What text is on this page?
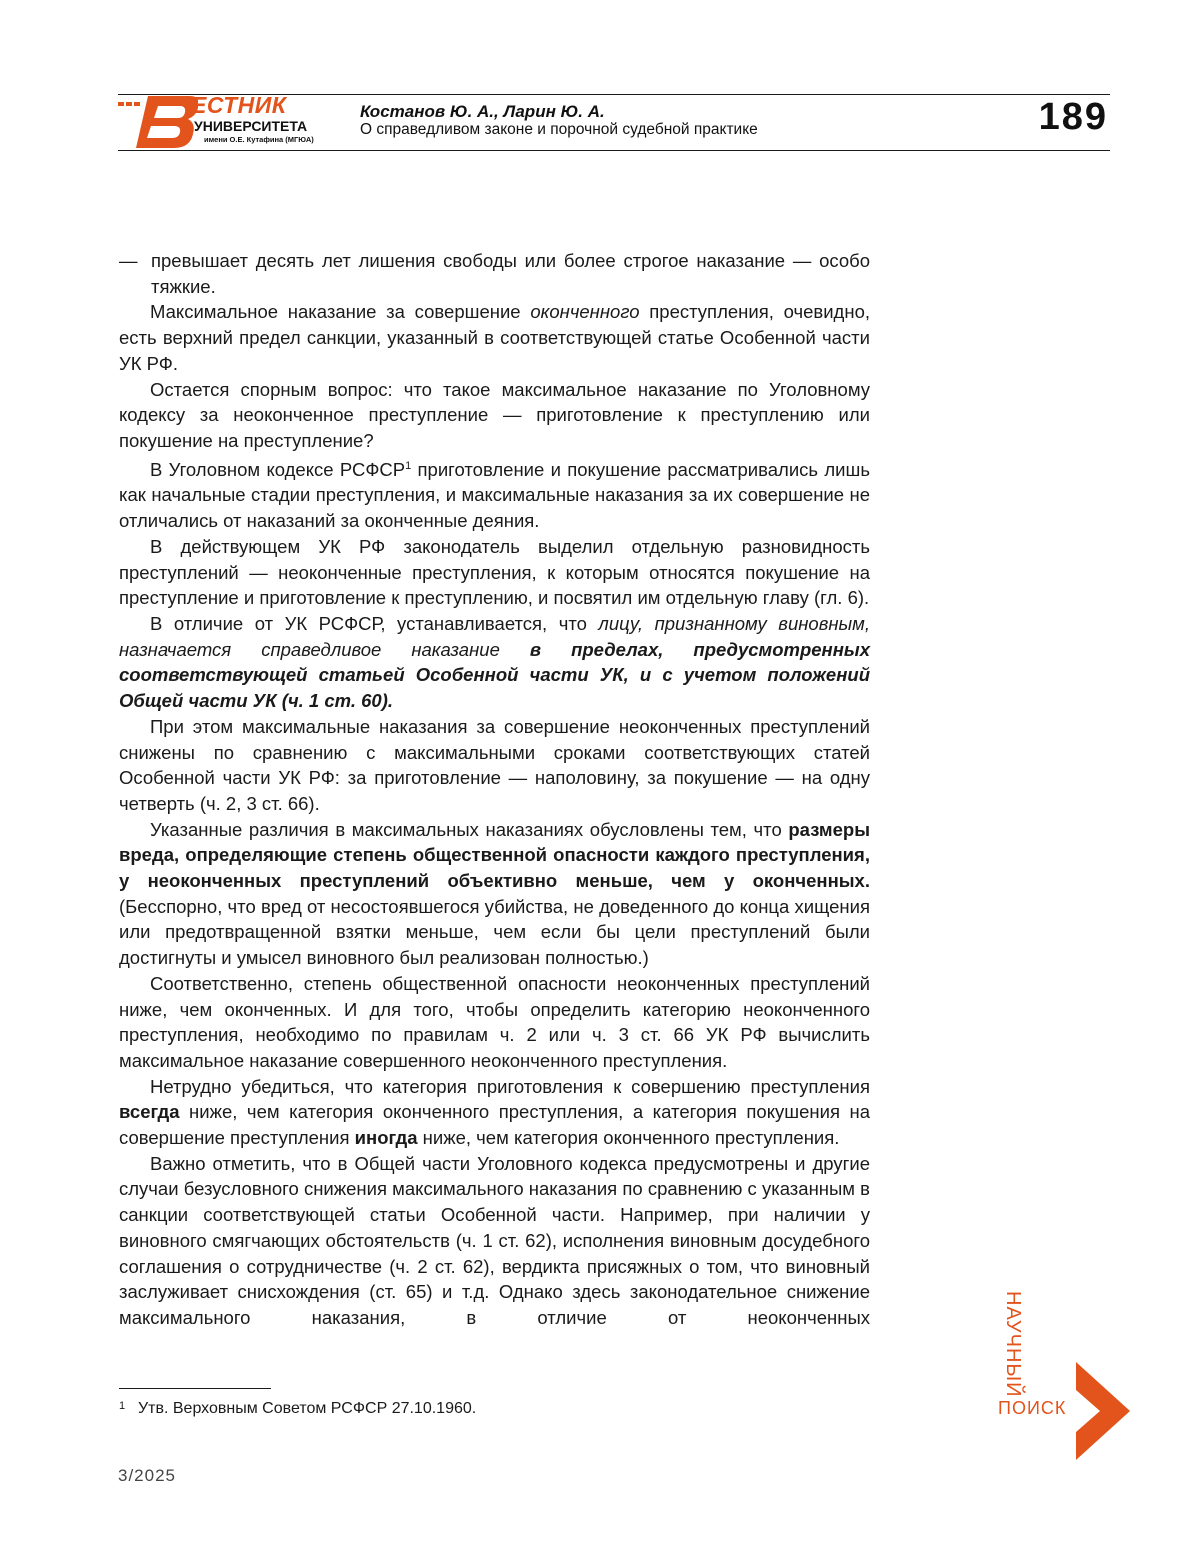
ЕСТНИК
УНИВЕРСИТЕТА
имени О.Е. Кутафина (МГЮА)
Костанов Ю. А., Ларин Ю. А.
О справедливом законе и порочной судебной практике	189

— превышает десять лет лишения свободы или более строгое наказание — особо тяжкие.

Максимальное наказание за совершение оконченного преступления, очевидно, есть верхний предел санкции, указанный в соответствующей статье Особенной части УК РФ.

Остается спорным вопрос: что такое максимальное наказание по Уголовному кодексу за неоконченное преступление — приготовление к преступлению или покушение на преступление?

В Уголовном кодексе РСФСР1 приготовление и покушение рассматривались лишь как начальные стадии преступления, и максимальные наказания за их совершение не отличались от наказаний за оконченные деяния.

В действующем УК РФ законодатель выделил отдельную разновидность преступлений — неоконченные преступления, к которым относятся покушение на преступление и приготовление к преступлению, и посвятил им отдельную главу (гл. 6).

В отличие от УК РСФСР, устанавливается, что лицу, признанному виновным, назначается справедливое наказание в пределах, предусмотренных соответствующей статьей Особенной части УК, и с учетом положений Общей части УК (ч. 1 ст. 60).

При этом максимальные наказания за совершение неоконченных преступлений снижены по сравнению с максимальными сроками соответствующих статей Особенной части УК РФ: за приготовление — наполовину, за покушение — на одну четверть (ч. 2, 3 ст. 66).

Указанные различия в максимальных наказаниях обусловлены тем, что размеры вреда, определяющие степень общественной опасности каждого преступления, у неоконченных преступлений объективно меньше, чем у оконченных. (Бесспорно, что вред от несостоявшегося убийства, не доведенного до конца хищения или предотвращенной взятки меньше, чем если бы цели преступлений были достигнуты и умысел виновного был реализован полностью.)

Соответственно, степень общественной опасности неоконченных преступлений ниже, чем оконченных. И для того, чтобы определить категорию неоконченного преступления, необходимо по правилам ч. 2 или ч. 3 ст. 66 УК РФ вычислить максимальное наказание совершенного неоконченного преступления.

Нетрудно убедиться, что категория приготовления к совершению преступления всегда ниже, чем категория оконченного преступления, а категория покушения на совершение преступления иногда ниже, чем категория оконченного преступления.

Важно отметить, что в Общей части Уголовного кодекса предусмотрены и другие случаи безусловного снижения максимального наказания по сравнению с указанным в санкции соответствующей статьи Особенной части. Например, при наличии у виновного смягчающих обстоятельств (ч. 1 ст. 62), исполнения виновным досудебного соглашения о сотрудничестве (ч. 2 ст. 62), вердикта присяжных о том, что виновный заслуживает снисхождения (ст. 65) и т.д. Однако здесь законодательное снижение максимального наказания, в отличие от неоконченных

1 Утв. Верховным Советом РСФСР 27.10.1960.
3/2025
НАУЧНЫЙ
ПОИСК
